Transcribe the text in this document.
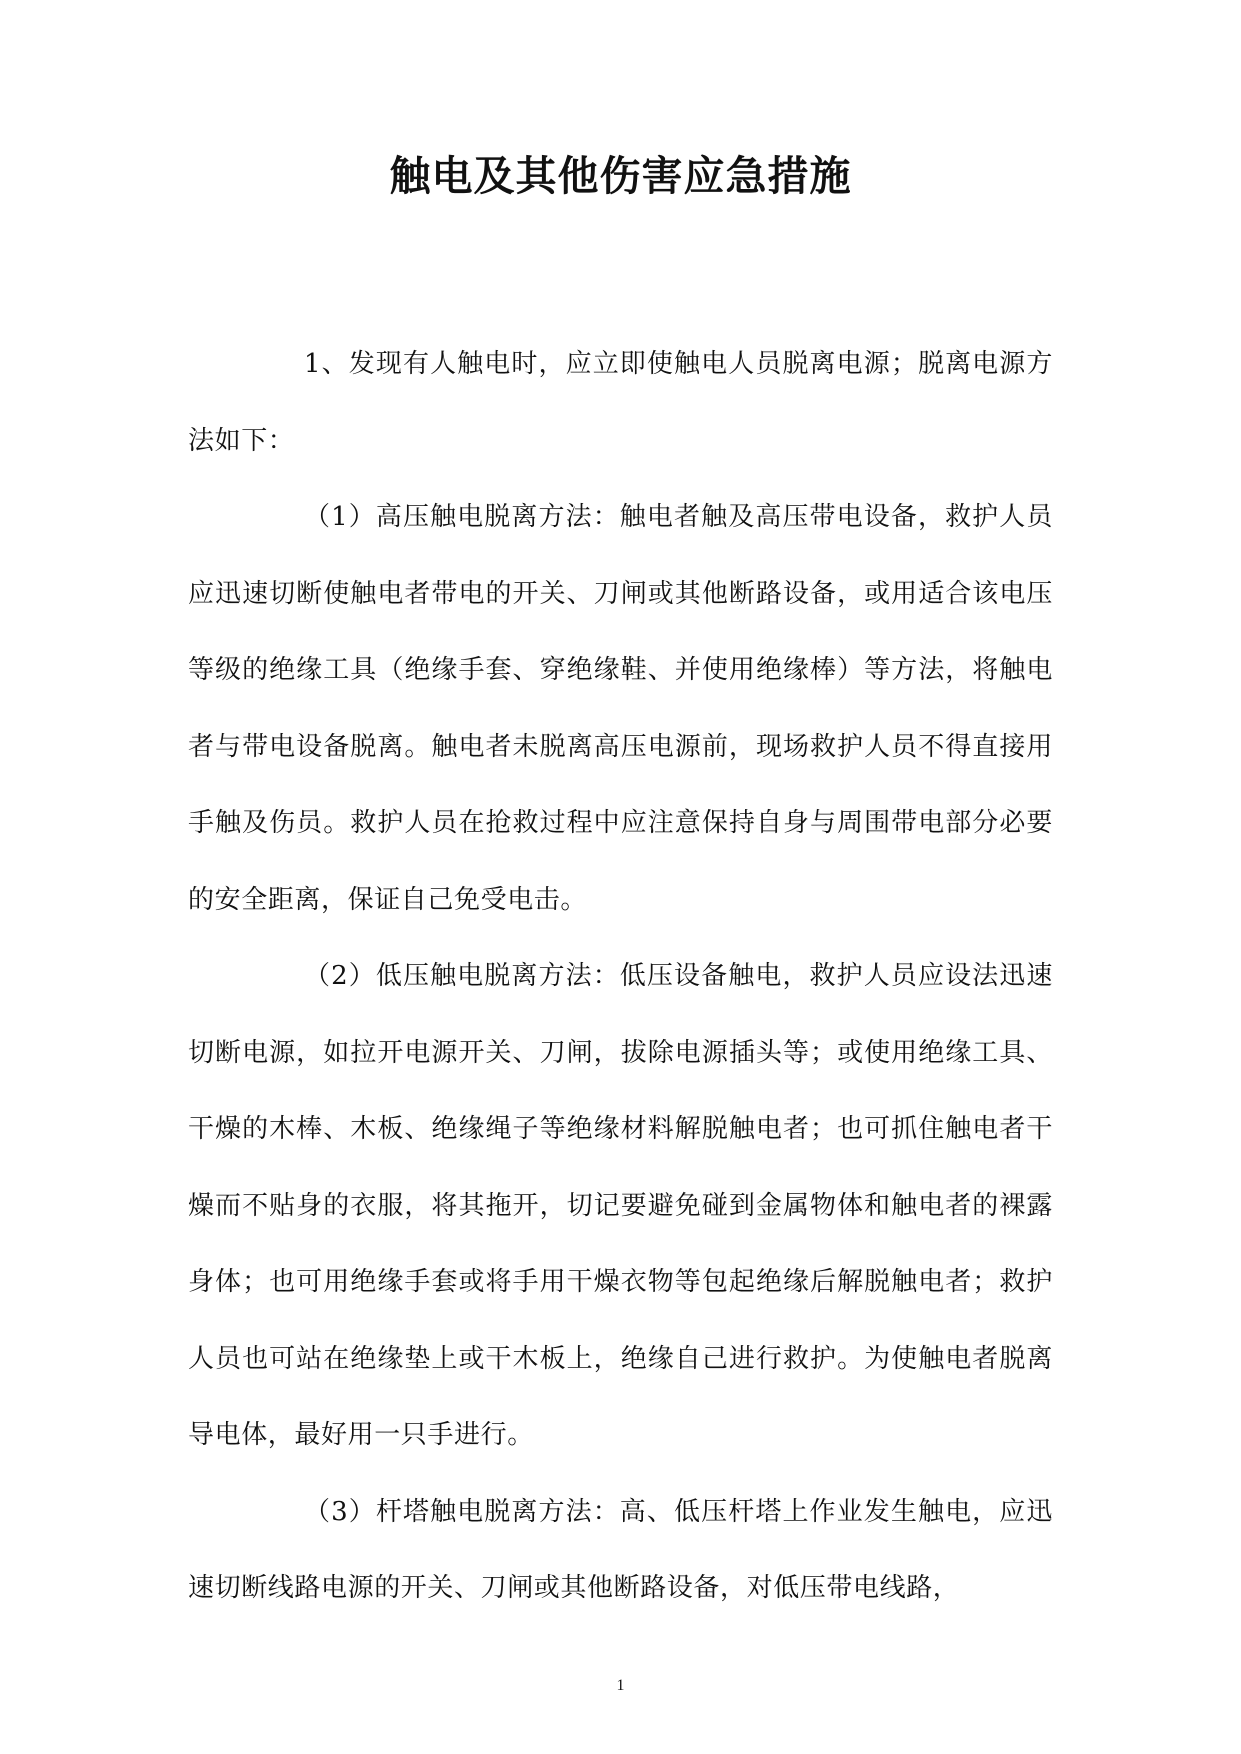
触电及其他伤害应急措施

1、发现有人触电时，应立即使触电人员脱离电源；脱离电源方法如下：

（1）高压触电脱离方法：触电者触及高压带电设备，救护人员应迅速切断使触电者带电的开关、刀闸或其他断路设备，或用适合该电压等级的绝缘工具（绝缘手套、穿绝缘鞋、并使用绝缘棒）等方法，将触电者与带电设备脱离。触电者未脱离高压电源前，现场救护人员不得直接用手触及伤员。救护人员在抢救过程中应注意保持自身与周围带电部分必要的安全距离，保证自己免受电击。

（2）低压触电脱离方法：低压设备触电，救护人员应设法迅速切断电源，如拉开电源开关、刀闸，拔除电源插头等；或使用绝缘工具、干燥的木棒、木板、绝缘绳子等绝缘材料解脱触电者；也可抓住触电者干燥而不贴身的衣服，将其拖开，切记要避免碰到金属物体和触电者的裸露身体；也可用绝缘手套或将手用干燥衣物等包起绝缘后解脱触电者；救护人员也可站在绝缘垫上或干木板上，绝缘自己进行救护。为使触电者脱离导电体，最好用一只手进行。

（3）杆塔触电脱离方法：高、低压杆塔上作业发生触电，应迅速切断线路电源的开关、刀闸或其他断路设备，对低压带电线路，

1
